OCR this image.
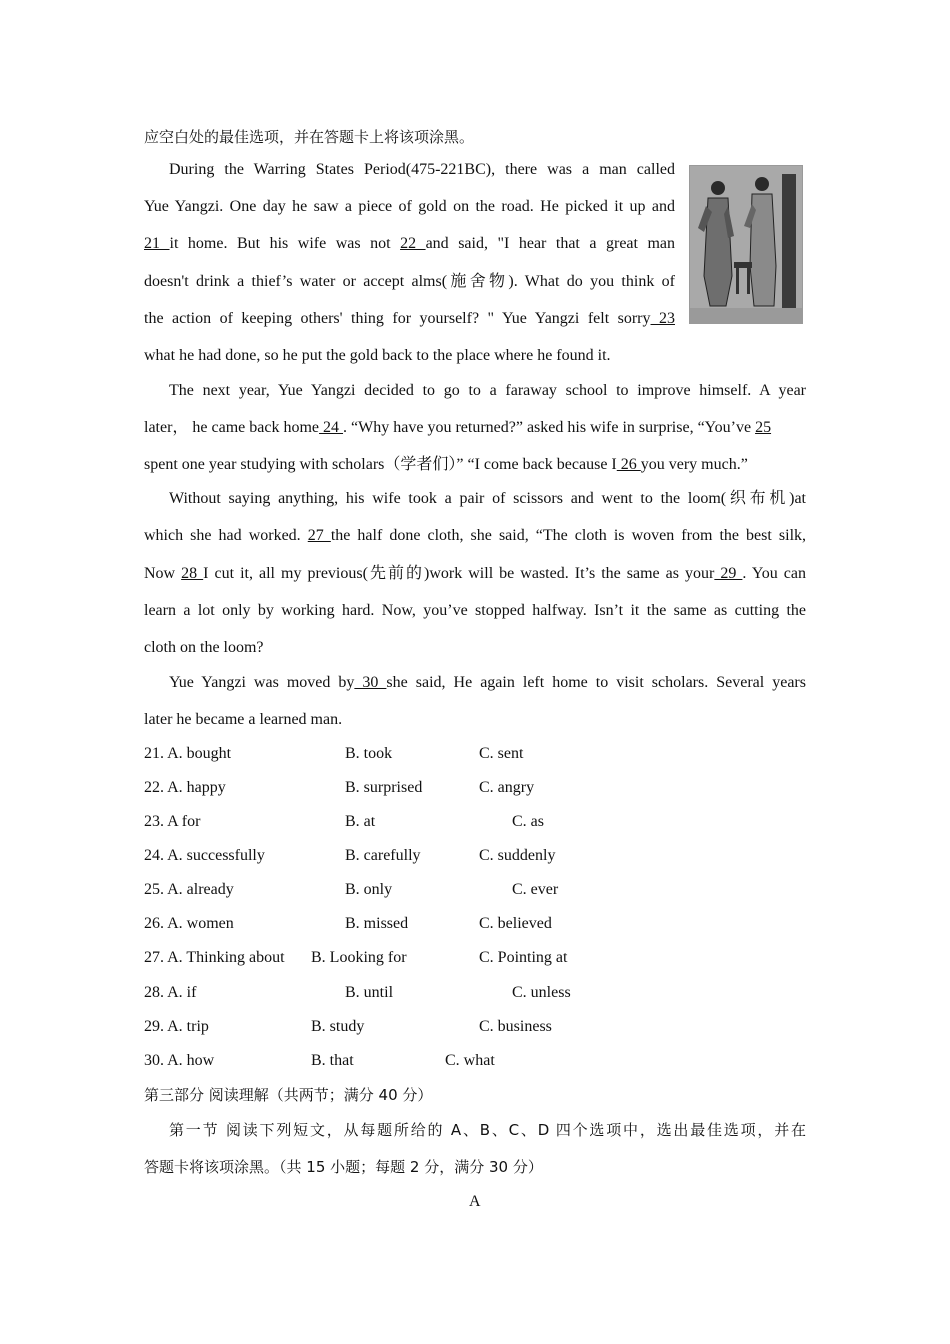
应空白处的最佳选项，并在答题卡上将该项涂黑。
During the Warring States Period(475-221BC), there was a man called
Yue Yangzi. One day he saw a piece of gold on the road. He picked it up and
21 it home. But his wife was not 22 and said, "I hear that a great man
doesn't drink a thief’s water or accept alms(施舍物). What do you think of
the action of keeping others' thing for yourself? " Yue Yangzi felt sorry 23
what he had done, so he put the gold back to the place where he found it.
The next year, Yue Yangzi decided to go to a faraway school to improve himself. A year
later， he came back home 24 . “Why have you returned?” asked his wife in surprise, “You’ve 25
spent one year studying with scholars（学者们）” “I come back because I 26 you very much.”
Without saying anything, his wife took a pair of scissors and went to the loom(织布机)at
which she had worked. 27 the half done cloth, she said, “The cloth is woven from the best silk,
Now 28 I cut it, all my previous(先前的)work will be wasted. It’s the same as your 29 . You can
learn a lot only by working hard. Now, you’ve stopped halfway. Isn’t it the same as cutting the
cloth on the loom?
Yue Yangzi was moved by 30 she said, He again left home to visit scholars. Several years
later he became a learned man.
21. A. bought	B. took	C. sent
22. A. happy	B. surprised	C. angry
23. A for	B. at	C. as
24. A. successfully	B. carefully	C. suddenly
25. A. already	B. only	C. ever
26. A. women	B. missed	C. believed
27. A. Thinking about B. Looking for	C. Pointing at
28. A. if	B. until	C. unless
29. A. trip	B. study	C. business
30. A. how	B. that	C. what
第三部分 阅读理解（共两节；满分 40 分）
第一节 阅读下列短文，从每题所给的 A、B、C、D 四个选项中，选出最佳选项，并在
答题卡将该项涂黑。（共 15 小题；每题 2 分，满分 30 分）
A
